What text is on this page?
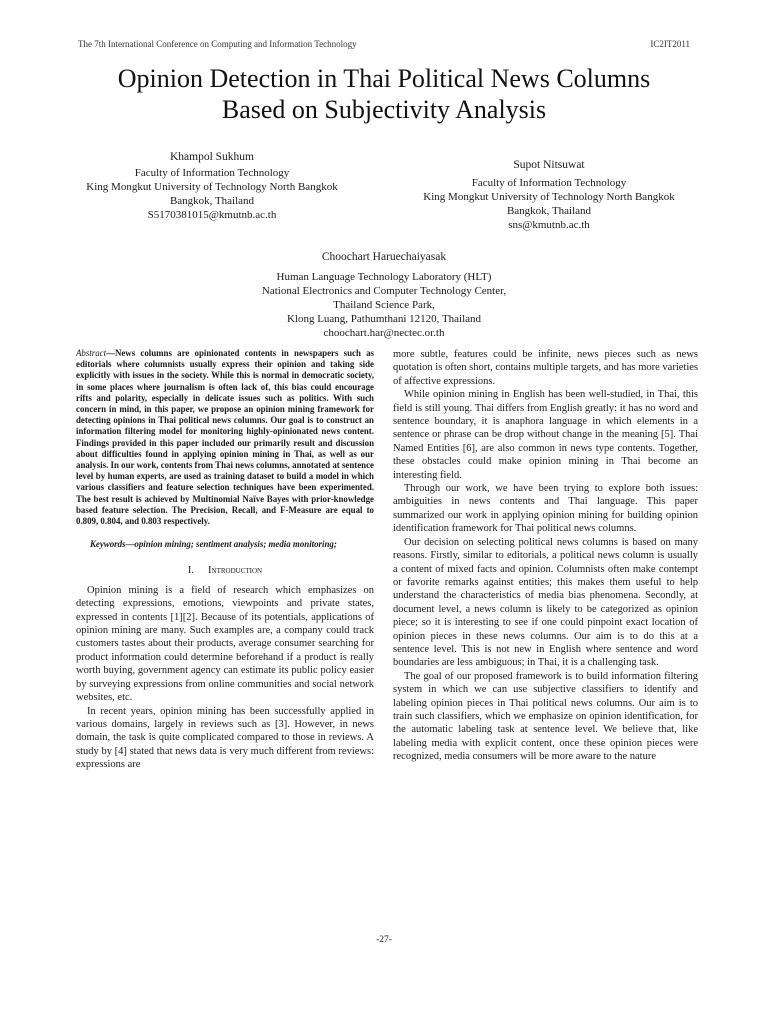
The 7th International Conference on Computing and Information Technology	IC2IT2011
Opinion Detection in Thai Political News Columns
Based on Subjectivity Analysis
Khampol Sukhum
Faculty of Information Technology
King Mongkut University of Technology North Bangkok
Bangkok, Thailand
S5170381015@kmutnb.ac.th
Supot Nitsuwat
Faculty of Information Technology
King Mongkut University of Technology North Bangkok
Bangkok, Thailand
sns@kmutnb.ac.th
Choochart Haruechaiyasak
Human Language Technology Laboratory (HLT)
National Electronics and Computer Technology Center,
Thailand Science Park,
Klong Luang, Pathumthani 12120, Thailand
choochart.har@nectec.or.th

Abstract—News columns are opinionated contents in newspapers such as editorials where columnists usually express their opinion and taking side explicitly with issues in the society. While this is normal in democratic society, in some places where journalism is often lack of, this bias could encourage rifts and polarity, especially in delicate issues such as politics. With such concern in mind, in this paper, we propose an opinion mining framework for detecting opinions in Thai political news columns. Our goal is to construct an information filtering model for monitoring highly-opinionated news content. Findings provided in this paper included our primarily result and discussion about difficulties found in applying opinion mining in Thai, as well as our analysis. In our work, contents from Thai news columns, annotated at sentence level by human experts, are used as training dataset to build a model in which various classifiers and feature selection techniques have been experimented. The best result is achieved by Multinomial Naïve Bayes with prior-knowledge based feature selection. The Precision, Recall, and F-Measure are equal to 0.809, 0.804, and 0.803 respectively.

Keywords—opinion mining; sentiment analysis; media monitoring;

I. Introduction

Opinion mining is a field of research which emphasizes on detecting expressions, emotions, viewpoints and private states, expressed in contents [1][2]. Because of its potentials, applications of opinion mining are many. Such examples are, a company could track customers tastes about their products, average consumer searching for product information could determine beforehand if a product is really worth buying, government agency can estimate its public policy easier by surveying expressions from online communities and social network websites, etc.

In recent years, opinion mining has been successfully applied in various domains, largely in reviews such as [3]. However, in news domain, the task is quite complicated compared to those in reviews. A study by [4] stated that news data is very much different from reviews: expressions are

more subtle, features could be infinite, news pieces such as news quotation is often short, contains multiple targets, and has more varieties of affective expressions.

While opinion mining in English has been well-studied, in Thai, this field is still young. Thai differs from English greatly: it has no word and sentence boundary, it is anaphora language in which elements in a sentence or phrase can be drop without change in the meaning [5]. Thai Named Entities [6], are also common in news type contents. Together, these obstacles could make opinion mining in Thai become an interesting field.

Through our work, we have been trying to explore both issues: ambiguities in news contents and Thai language. This paper summarized our work in applying opinion mining for building opinion identification framework for Thai political news columns.

Our decision on selecting political news columns is based on many reasons. Firstly, similar to editorials, a political news column is usually a content of mixed facts and opinion. Columnists often make contempt or favorite remarks against entities; this makes them useful to help understand the characteristics of media bias phenomena. Secondly, at document level, a news column is likely to be categorized as opinion piece; so it is interesting to see if one could pinpoint exact location of opinion pieces in these news columns. Our aim is to do this at a sentence level. This is not new in English where sentence and word boundaries are less ambiguous; in Thai, it is a challenging task.

The goal of our proposed framework is to build information filtering system in which we can use subjective classifiers to identify and labeling opinion pieces in Thai political news columns. Our aim is to train such classifiers, which we emphasize on opinion identification, for the automatic labeling task at sentence level. We believe that, like labeling media with explicit content, once these opinion pieces were recognized, media consumers will be more aware to the nature

-27-
